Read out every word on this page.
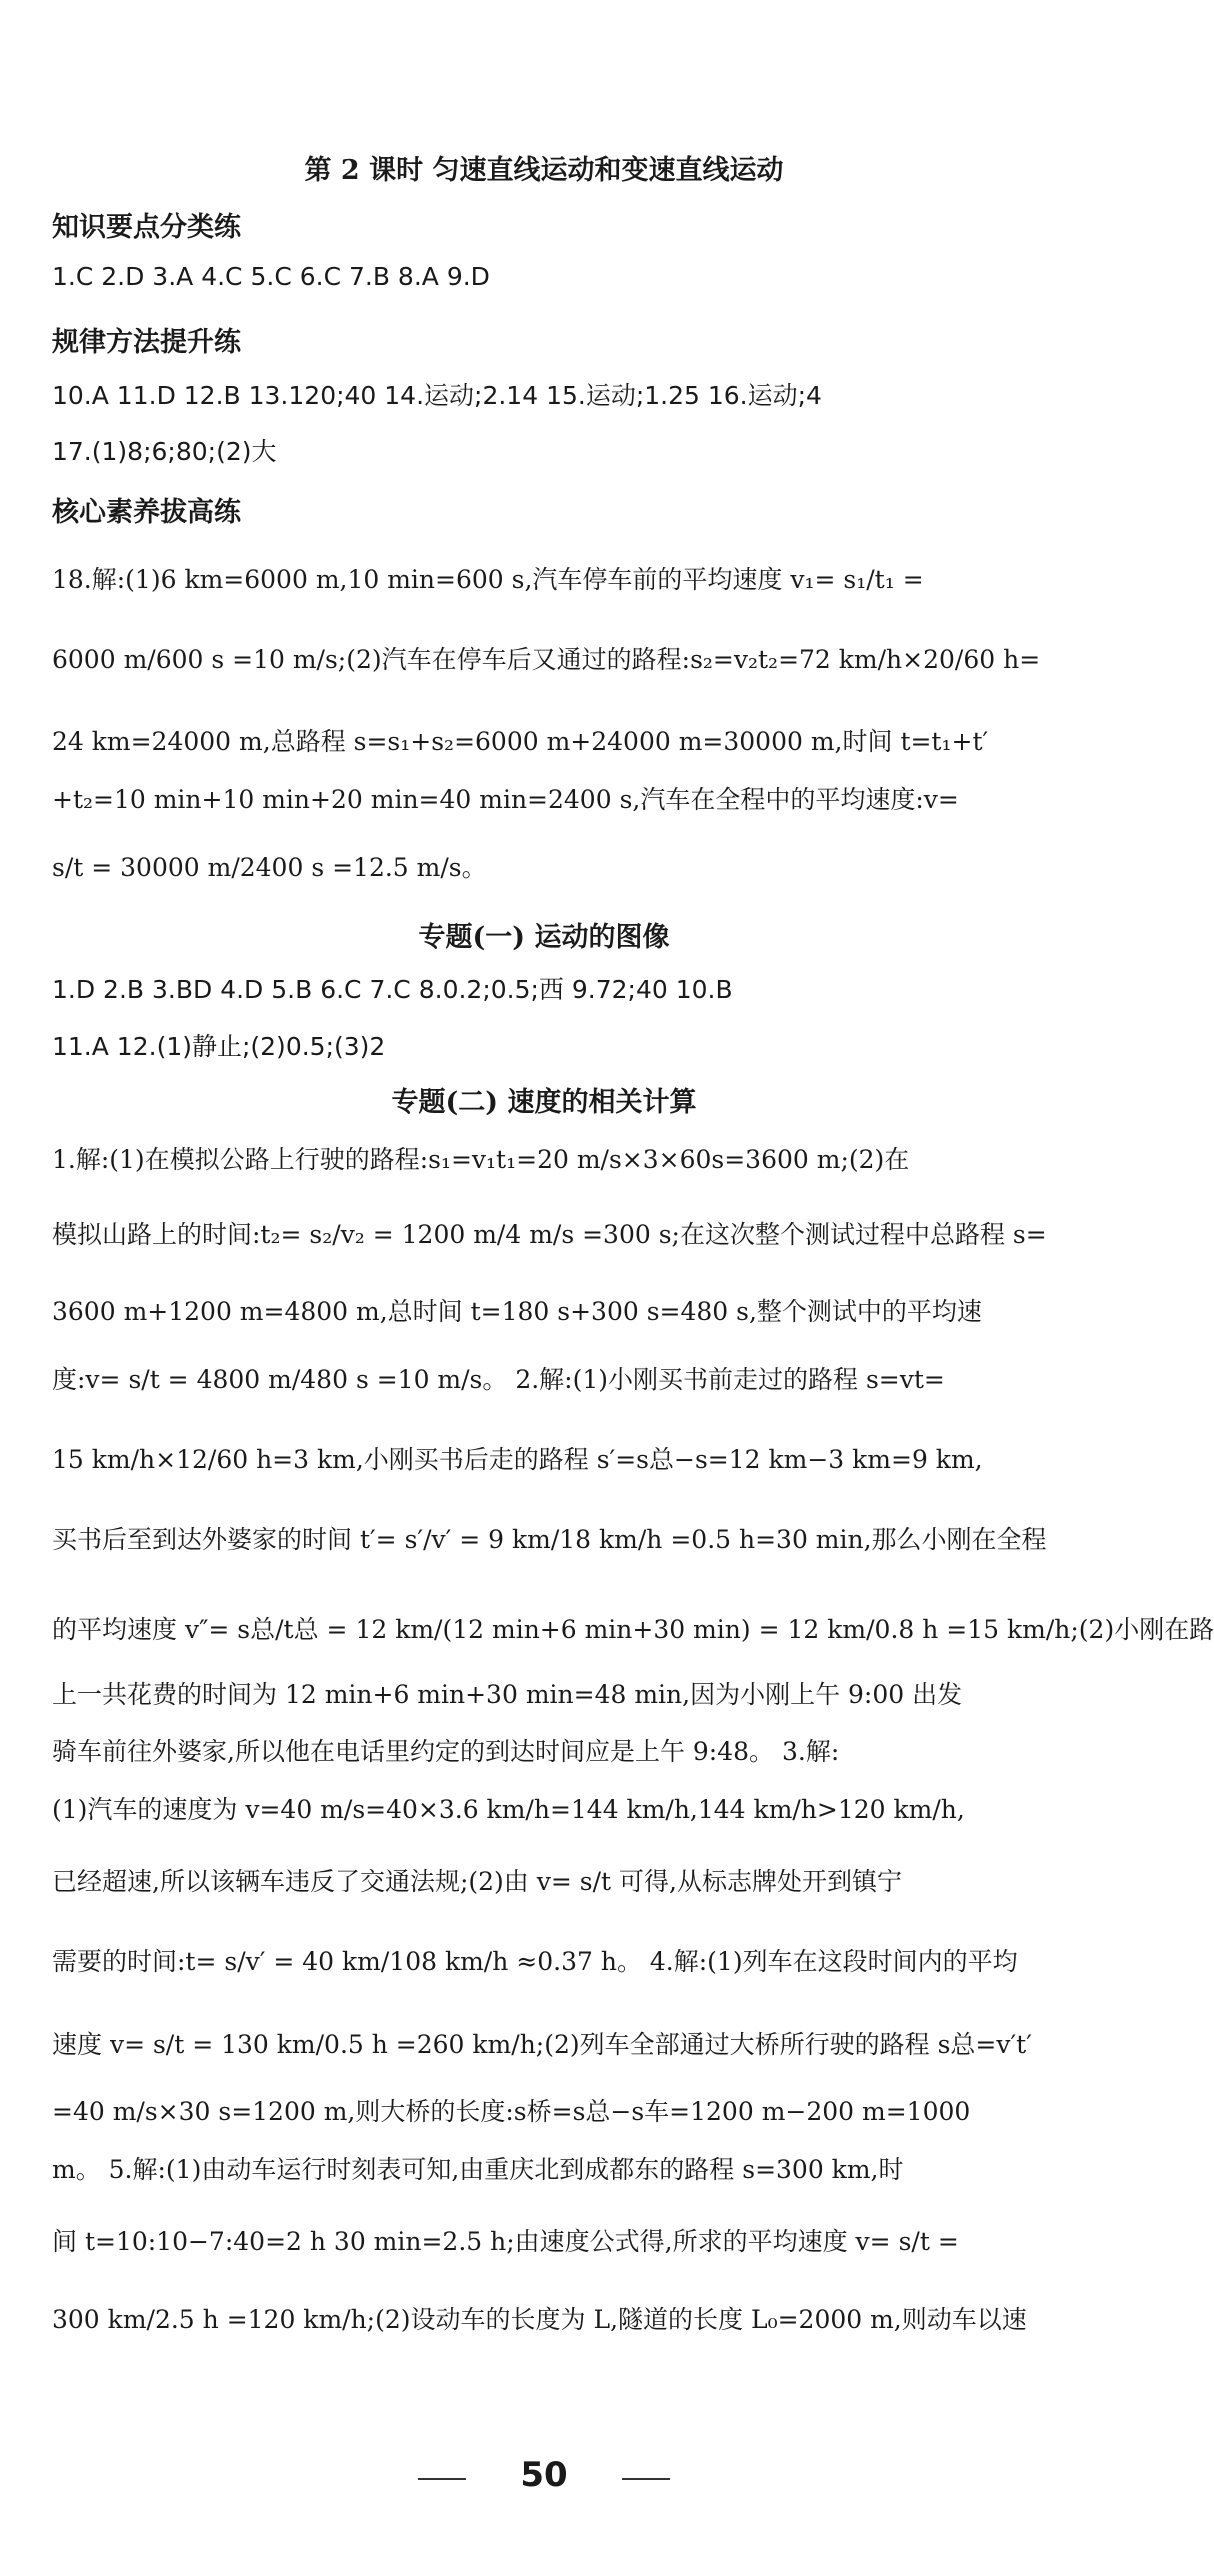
第 2 课时 匀速直线运动和变速直线运动
知识要点分类练
1.C 2.D 3.A 4.C 5.C 6.C 7.B 8.A 9.D
规律方法提升练
10.A 11.D 12.B 13.120;40 14.运动;2.14 15.运动;1.25 16.运动;4
17.(1)8;6;80;(2)大
核心素养拔高练
18.解:(1)6 km=6000 m,10 min=600 s,汽车停车前的平均速度 v₁= s₁/t₁ =
6000 m/600 s =10 m/s;(2)汽车在停车后又通过的路程:s₂=v₂t₂=72 km/h×20/60 h=
24 km=24000 m,总路程 s=s₁+s₂=6000 m+24000 m=30000 m,时间 t=t₁+t′
+t₂=10 min+10 min+20 min=40 min=2400 s,汽车在全程中的平均速度:v=
s/t = 30000 m/2400 s =12.5 m/s。
专题(一) 运动的图像
1.D 2.B 3.BD 4.D 5.B 6.C 7.C 8.0.2;0.5;西 9.72;40 10.B
11.A 12.(1)静止;(2)0.5;(3)2
专题(二) 速度的相关计算
1.解:(1)在模拟公路上行驶的路程:s₁=v₁t₁=20 m/s×3×60s=3600 m;(2)在
模拟山路上的时间:t₂= s₂/v₂ = 1200 m/4 m/s =300 s;在这次整个测试过程中总路程 s=
3600 m+1200 m=4800 m,总时间 t=180 s+300 s=480 s,整个测试中的平均速
度:v= s/t = 4800 m/480 s =10 m/s。 2.解:(1)小刚买书前走过的路程 s=vt=
15 km/h×12/60 h=3 km,小刚买书后走的路程 s′=s总−s=12 km−3 km=9 km,
买书后至到达外婆家的时间 t′= s′/v′ = 9 km/18 km/h =0.5 h=30 min,那么小刚在全程
的平均速度 v″= s总/t总 = 12 km/(12 min+6 min+30 min) = 12 km/0.8 h =15 km/h;(2)小刚在路
上一共花费的时间为 12 min+6 min+30 min=48 min,因为小刚上午 9:00 出发
骑车前往外婆家,所以他在电话里约定的到达时间应是上午 9:48。 3.解:
(1)汽车的速度为 v=40 m/s=40×3.6 km/h=144 km/h,144 km/h>120 km/h,
已经超速,所以该辆车违反了交通法规;(2)由 v= s/t 可得,从标志牌处开到镇宁
需要的时间:t= s/v′ = 40 km/108 km/h ≈0.37 h。 4.解:(1)列车在这段时间内的平均
速度 v= s/t = 130 km/0.5 h =260 km/h;(2)列车全部通过大桥所行驶的路程 s总=v′t′
=40 m/s×30 s=1200 m,则大桥的长度:s桥=s总−s车=1200 m−200 m=1000
m。 5.解:(1)由动车运行时刻表可知,由重庆北到成都东的路程 s=300 km,时
间 t=10:10−7:40=2 h 30 min=2.5 h;由速度公式得,所求的平均速度 v= s/t =
300 km/2.5 h =120 km/h;(2)设动车的长度为 L,隧道的长度 L₀=2000 m,则动车以速
50
